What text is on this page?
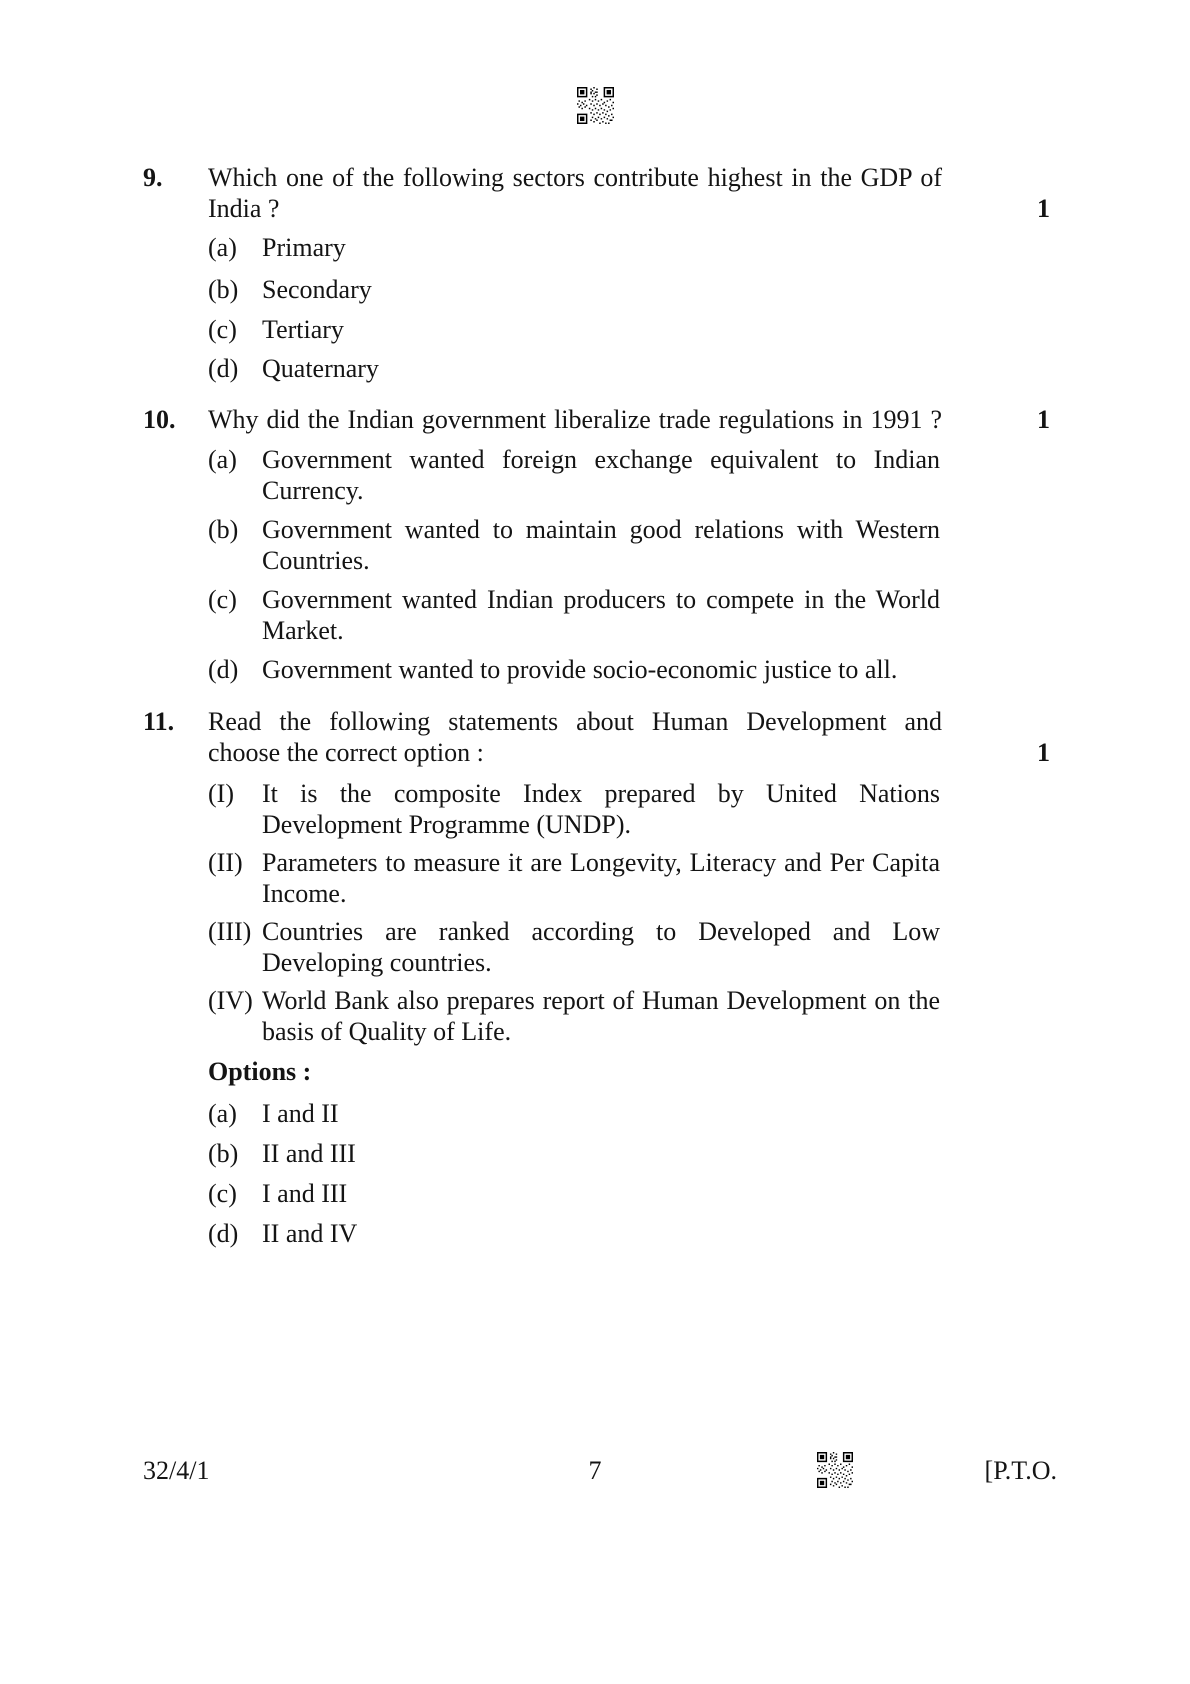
9. Which one of the following sectors contribute highest in the GDP of
India ?	1
(a) Primary
(b) Secondary
(c) Tertiary
(d) Quaternary
10. Why did the Indian government liberalize trade regulations in 1991 ?	1
(a) Government wanted foreign exchange equivalent to Indian
Currency.
(b) Government wanted to maintain good relations with Western
Countries.
(c) Government wanted Indian producers to compete in the World
Market.
(d) Government wanted to provide socio-economic justice to all.
11. Read the following statements about Human Development and
choose the correct option :	1
(I) It is the composite Index prepared by United Nations
Development Programme (UNDP).
(II) Parameters to measure it are Longevity, Literacy and Per Capita
Income.
(III) Countries are ranked according to Developed and Low
Developing countries.
(IV) World Bank also prepares report of Human Development on the
basis of Quality of Life.
Options :
(a) I and II
(b) II and III
(c) I and III
(d) II and IV
32/4/1	7	[P.T.O.
